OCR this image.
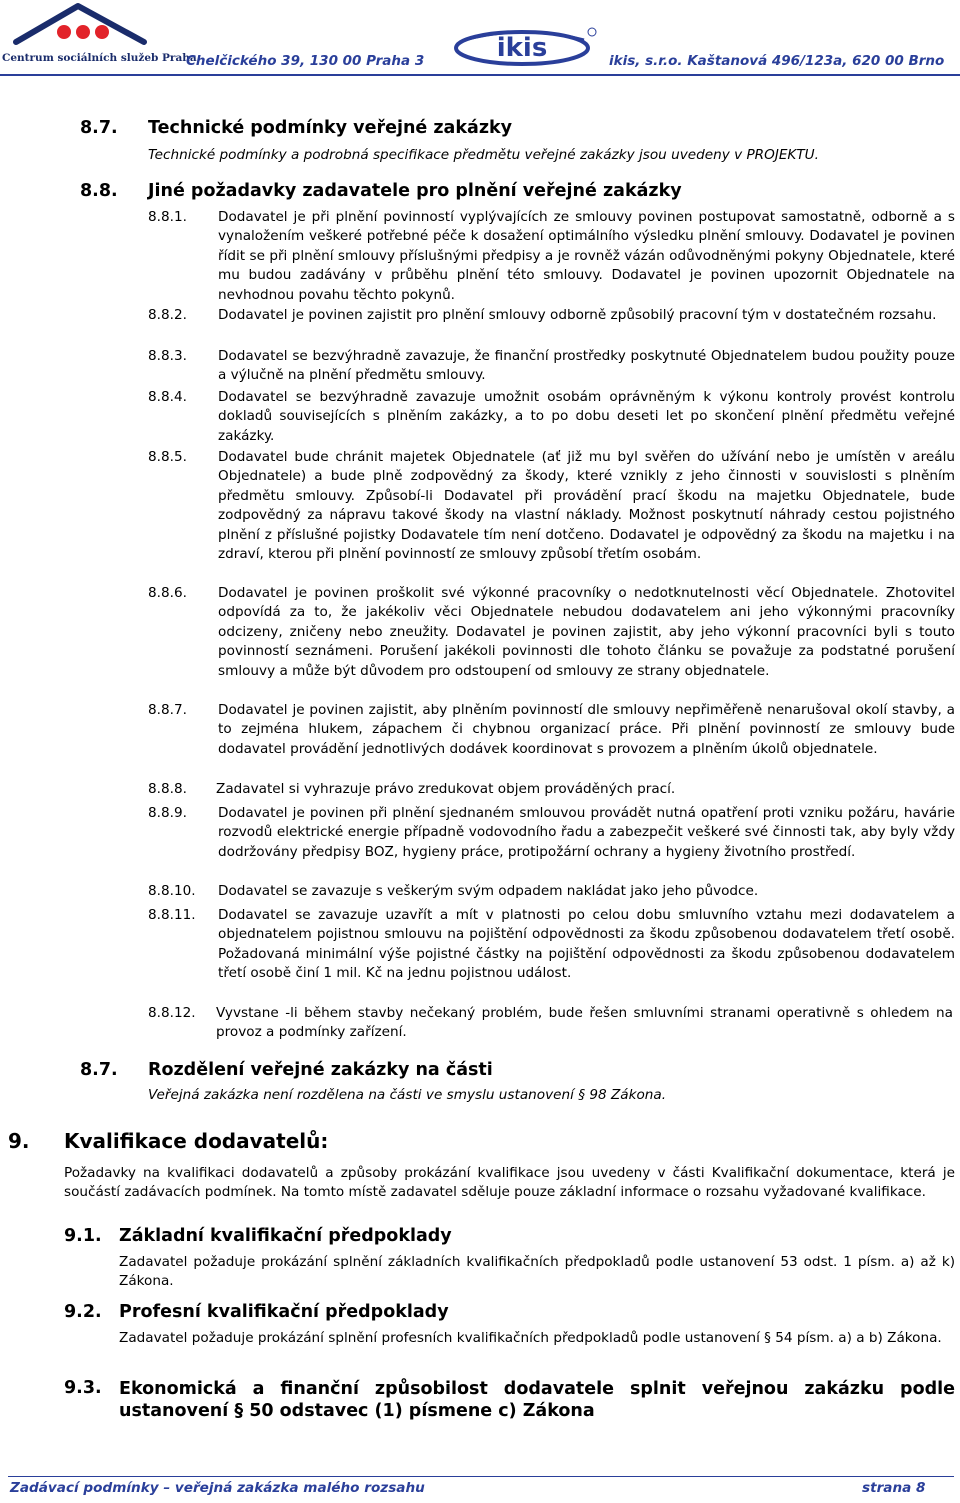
Centrum sociálních služeb Praha
Chelčického 39, 130 00 Praha 3	ikis	ikis, s.r.o. Kaštanová 496/123a, 620 00 Brno
8.7. Technické podmínky veřejné zakázky
Technické podmínky a podrobná specifikace předmětu veřejné zakázky jsou uvedeny v PROJEKTU.
8.8. Jiné požadavky zadavatele pro plnění veřejné zakázky
8.8.1. Dodavatel je při plnění povinností vyplývajících ze smlouvy povinen postupovat samostatně, odborně a s vynaložením veškeré potřebné péče k dosažení optimálního výsledku plnění smlouvy. Dodavatel je povinen řídit se při plnění smlouvy příslušnými předpisy a je rovněž vázán odůvodněnými pokyny Objednatele, které mu budou zadávány v průběhu plnění této smlouvy. Dodavatel je povinen upozornit Objednatele na nevhodnou povahu těchto pokynů.
8.8.2. Dodavatel je povinen zajistit pro plnění smlouvy odborně způsobilý pracovní tým v dostatečném rozsahu.
8.8.3. Dodavatel se bezvýhradně zavazuje, že finanční prostředky poskytnuté Objednatelem budou použity pouze a výlučně na plnění předmětu smlouvy.
8.8.4. Dodavatel se bezvýhradně zavazuje umožnit osobám oprávněným k výkonu kontroly provést kontrolu dokladů souvisejících s plněním zakázky, a to po dobu deseti let po skončení plnění předmětu veřejné zakázky.
8.8.5. Dodavatel bude chránit majetek Objednatele (ať již mu byl svěřen do užívání nebo je umístěn v areálu Objednatele) a bude plně zodpovědný za škody, které vznikly z jeho činnosti v souvislosti s plněním předmětu smlouvy. Způsobí-li Dodavatel při provádění prací škodu na majetku Objednatele, bude zodpovědný za nápravu takové škody na vlastní náklady. Možnost poskytnutí náhrady cestou pojistného plnění z příslušné pojistky Dodavatele tím není dotčeno. Dodavatel je odpovědný za škodu na majetku i na zdraví, kterou při plnění povinností ze smlouvy způsobí třetím osobám.
8.8.6. Dodavatel je povinen proškolit své výkonné pracovníky o nedotknutelnosti věcí Objednatele. Zhotovitel odpovídá za to, že jakékoliv věci Objednatele nebudou dodavatelem ani jeho výkonnými pracovníky odcizeny, zničeny nebo zneužity. Dodavatel je povinen zajistit, aby jeho výkonní pracovníci byli s touto povinností seznámeni. Porušení jakékoli povinnosti dle tohoto článku se považuje za podstatné porušení smlouvy a může být důvodem pro odstoupení od smlouvy ze strany objednatele.
8.8.7. Dodavatel je povinen zajistit, aby plněním povinností dle smlouvy nepřiměřeně nenarušoval okolí stavby, a to zejména hlukem, zápachem či chybnou organizací práce. Při plnění povinností ze smlouvy bude dodavatel provádění jednotlivých dodávek koordinovat s provozem a plněním úkolů objednatele.
8.8.8. Zadavatel si vyhrazuje právo zredukovat objem prováděných prací.
8.8.9. Dodavatel je povinen při plnění sjednaném smlouvou provádět nutná opatření proti vzniku požáru, havárie rozvodů elektrické energie případně vodovodního řadu a zabezpečit veškeré své činnosti tak, aby byly vždy dodržovány předpisy BOZ, hygieny práce, protipožární ochrany a hygieny životního prostředí.
8.8.10. Dodavatel se zavazuje s veškerým svým odpadem nakládat jako jeho původce.
8.8.11. Dodavatel se zavazuje uzavřít a mít v platnosti po celou dobu smluvního vztahu mezi dodavatelem a objednatelem pojistnou smlouvu na pojištění odpovědnosti za škodu způsobenou dodavatelem třetí osobě. Požadovaná minimální výše pojistné částky na pojištění odpovědnosti za škodu způsobenou dodavatelem třetí osobě činí 1 mil. Kč na jednu pojistnou událost.
8.8.12. Vyvstane -li během stavby nečekaný problém, bude řešen smluvními stranami operativně s ohledem na provoz a podmínky zařízení.
8.7. Rozdělení veřejné zakázky na části
Veřejná zakázka není rozdělena na části ve smyslu ustanovení § 98 Zákona.
9. Kvalifikace dodavatelů:
Požadavky na kvalifikaci dodavatelů a způsoby prokázání kvalifikace jsou uvedeny v části Kvalifikační dokumentace, která je součástí zadávacích podmínek. Na tomto místě zadavatel sděluje pouze základní informace o rozsahu vyžadované kvalifikace.
9.1. Základní kvalifikační předpoklady
Zadavatel požaduje prokázání splnění základních kvalifikačních předpokladů podle ustanovení 53 odst. 1 písm. a) až k) Zákona.
9.2. Profesní kvalifikační předpoklady
Zadavatel požaduje prokázání splnění profesních kvalifikačních předpokladů podle ustanovení § 54 písm. a) a b) Zákona.
9.3. Ekonomická a finanční způsobilost dodavatele splnit veřejnou zakázku podle ustanovení § 50 odstavec (1) písmene c) Zákona
Zadávací podmínky – veřejná zakázka malého rozsahu	strana 8
